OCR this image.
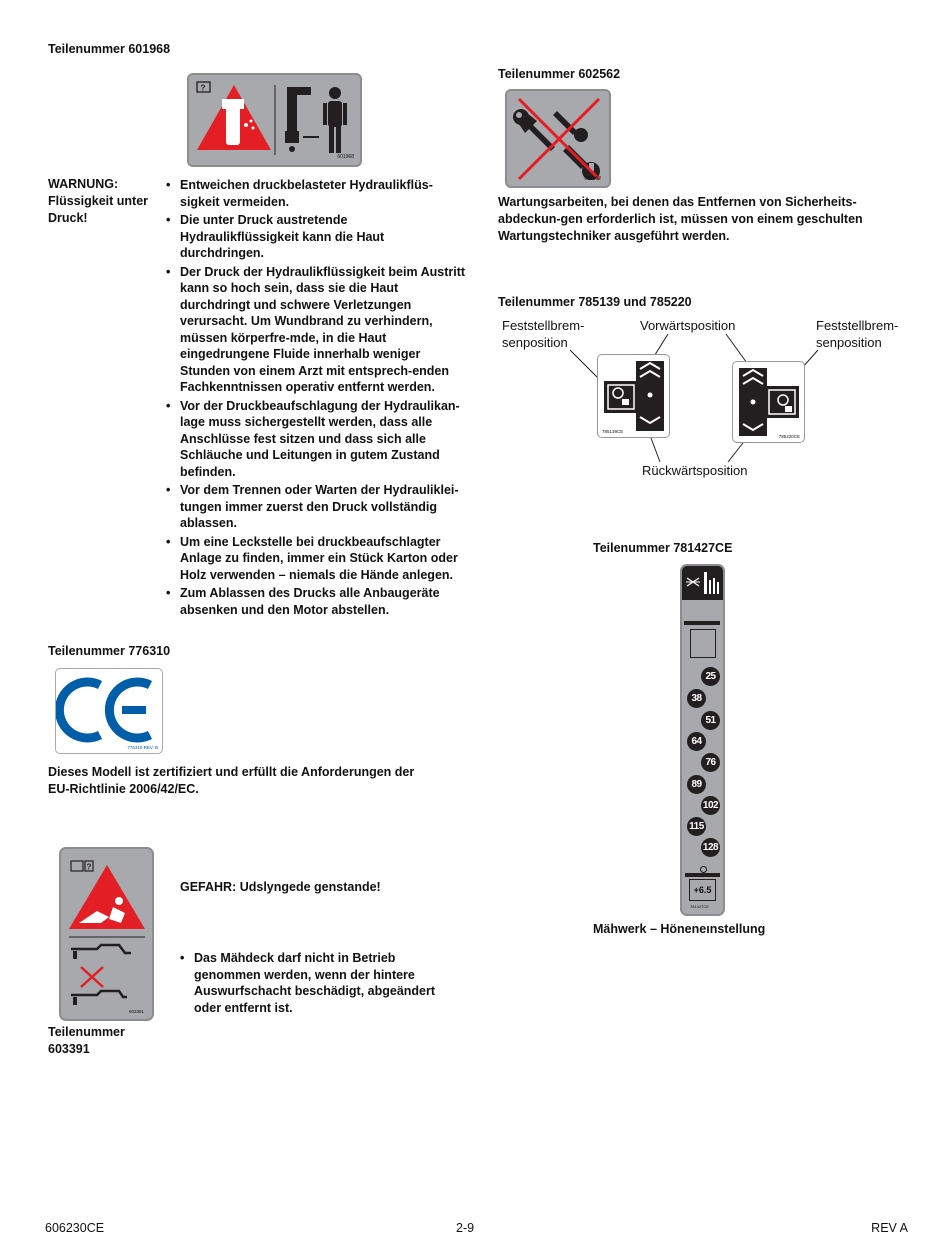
Teilenummer 601968
?
601968
WARNUNG: Flüssigkeit unter Druck!
• Entweichen druckbelasteter Hydraulikflüs-sigkeit vermeiden.
• Die unter Druck austretende Hydraulikflüssigkeit kann die Haut durchdringen.
• Der Druck der Hydraulikflüssigkeit beim Austritt kann so hoch sein, dass sie die Haut durchdringt und schwere Verletzungen verursacht. Um Wundbrand zu verhindern, müssen körperfre-mde, in die Haut eingedrungene Fluide innerhalb weniger Stunden von einem Arzt mit entsprech-enden Fachkenntnissen operativ entfernt werden.
• Vor der Druckbeaufschlagung der Hydraulikan-lage muss sichergestellt werden, dass alle Anschlüsse fest sitzen und dass sich alle Schläuche und Leitungen in gutem Zustand befinden.
• Vor dem Trennen oder Warten der Hydrauliklei-tungen immer zuerst den Druck vollständig ablassen.
• Um eine Leckstelle bei druckbeaufschlagter Anlage zu finden, immer ein Stück Karton oder Holz verwenden – niemals die Hände anlegen.
• Zum Ablassen des Drucks alle Anbaugeräte absenken und den Motor abstellen.
Teilenummer 602562
602562
Wartungsarbeiten, bei denen das Entfernen von Sicherheits-abdeckun-gen erforderlich ist, müssen von einem geschulten Wartungstechniker ausgeführt werden.
Teilenummer 785139 und 785220
Feststellbrem-senposition
Vorwärtsposition	Feststellbrem-senposition
Rückwärtsposition
785139CE
785220CE
Teilenummer 781427CE
25
38
51
64
76
89
102
115
128
+6.5
781427CE
Mähwerk – Höneneınstellung
Teilenummer 776310
776310 REV. B
Dieses Modell ist zertifiziert und erfüllt die Anforderungen der EU-Richtlinie 2006/42/EC.
?
603391
Teilenummer
603391
GEFAHR: Udslyngede genstande!
• Das Mähdeck darf nicht in Betrieb genommen werden, wenn der hintere Auswurfschacht beschädigt, abgeändert oder entfernt ist.
606230CE	2-9	REV A
